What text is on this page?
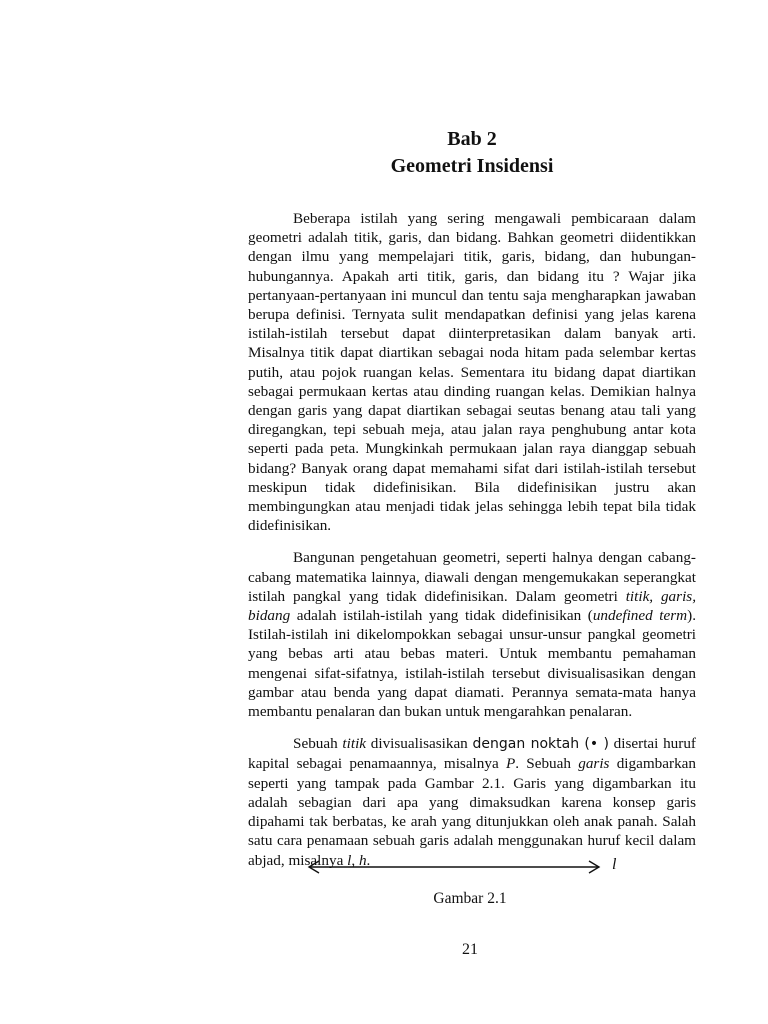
Bab 2
Geometri Insidensi

Beberapa istilah yang sering mengawali pembicaraan dalam geometri adalah titik, garis, dan bidang. Bahkan geometri diidentikkan dengan ilmu yang mempelajari titik, garis, bidang, dan hubungan-hubungannya. Apakah arti titik, garis, dan bidang itu ? Wajar jika pertanyaan-pertanyaan ini muncul dan tentu saja mengharapkan jawaban berupa definisi. Ternyata sulit mendapatkan definisi yang jelas karena istilah-istilah tersebut dapat diinterpretasikan dalam banyak arti. Misalnya titik dapat diartikan sebagai noda hitam pada selembar kertas putih, atau pojok ruangan kelas. Sementara itu bidang dapat diartikan sebagai permukaan kertas atau dinding ruangan kelas. Demikian halnya dengan garis yang dapat diartikan sebagai seutas benang atau tali yang diregangkan, tepi sebuah meja, atau jalan raya penghubung antar kota seperti pada peta. Mungkinkah permukaan jalan raya dianggap sebuah bidang? Banyak orang dapat memahami sifat dari istilah-istilah tersebut meskipun tidak didefinisikan. Bila didefinisikan justru akan membingungkan atau menjadi tidak jelas sehingga lebih tepat bila tidak didefinisikan.

Bangunan pengetahuan geometri, seperti halnya dengan cabang-cabang matematika lainnya, diawali dengan mengemukakan seperangkat istilah pangkal yang tidak didefinisikan. Dalam geometri titik, garis, bidang adalah istilah-istilah yang tidak didefinisikan (undefined term). Istilah-istilah ini dikelompokkan sebagai unsur-unsur pangkal geometri yang bebas arti atau bebas materi. Untuk membantu pemahaman mengenai sifat-sifatnya, istilah-istilah tersebut divisualisasikan dengan gambar atau benda yang dapat diamati. Perannya semata-mata hanya membantu penalaran dan bukan untuk mengarahkan penalaran.

Sebuah titik divisualisasikan dengan noktah (• ) disertai huruf kapital sebagai penamaannya, misalnya P. Sebuah garis digambarkan seperti yang tampak pada Gambar 2.1. Garis yang digambarkan itu adalah sebagian dari apa yang dimaksudkan karena konsep garis dipahami tak berbatas, ke arah yang ditunjukkan oleh anak panah. Salah satu cara penamaan sebuah garis adalah menggunakan huruf kecil dalam abjad, misalnya l, h.	l
Gambar 2.1
21
